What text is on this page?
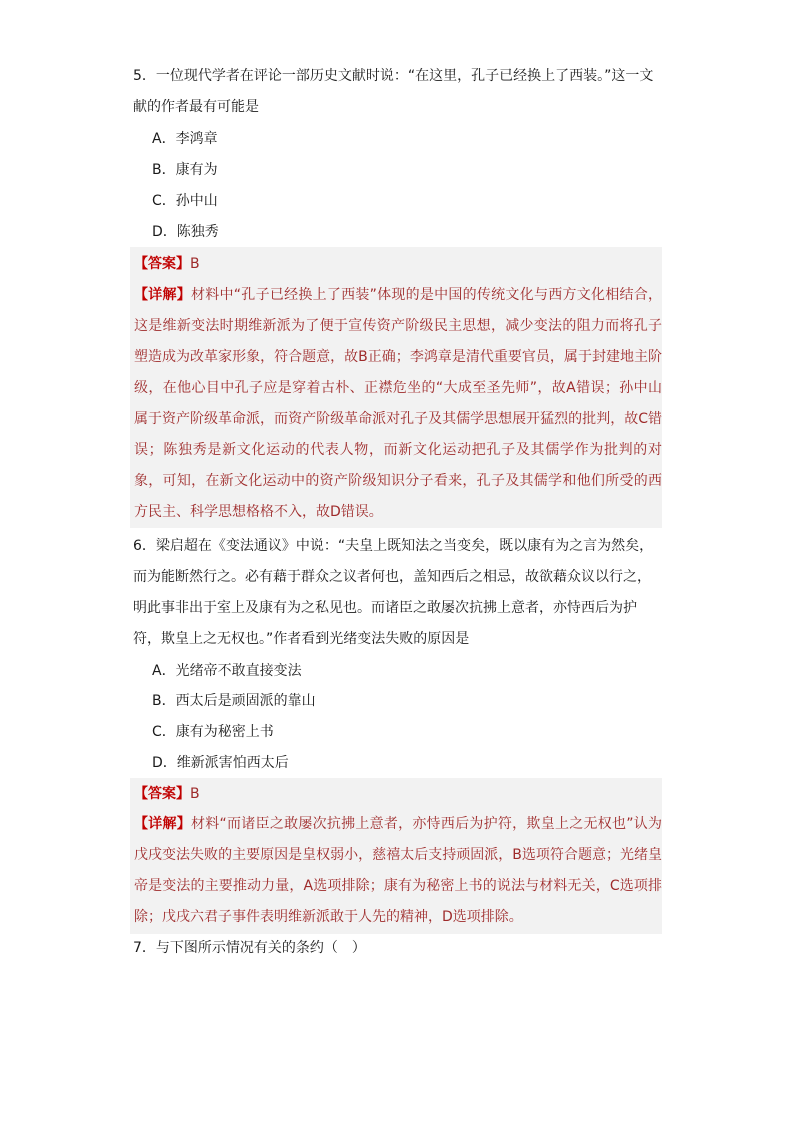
5．一位现代学者在评论一部历史文献时说：“在这里，孔子已经换上了西装。”这一文献的作者最有可能是

A．李鸿章
B．康有为
C．孙中山
D．陈独秀
【答案】B

【详解】材料中“孔子已经换上了西装”体现的是中国的传统文化与西方文化相结合，这是维新变法时期维新派为了便于宣传资产阶级民主思想，减少变法的阻力而将孔子塑造成为改革家形象，符合题意，故B正确；李鸿章是清代重要官员，属于封建地主阶级，在他心目中孔子应是穿着古朴、正襟危坐的“大成至圣先师”，故A错误；孙中山属于资产阶级革命派，而资产阶级革命派对孔子及其儒学思想展开猛烈的批判，故C错误；陈独秀是新文化运动的代表人物，而新文化运动把孔子及其儒学作为批判的对象，可知，在新文化运动中的资产阶级知识分子看来，孔子及其儒学和他们所受的西方民主、科学思想格格不入，故D错误。

6．梁启超在《变法通议》中说：“夫皇上既知法之当变矣，既以康有为之言为然矣，而为能断然行之。必有藉于群众之议者何也，盖知西后之相忌，故欲藉众议以行之，明此事非出于室上及康有为之私见也。而诸臣之敢屡次抗拂上意者，亦恃西后为护符，欺皇上之无权也。”作者看到光绪变法失败的原因是

A．光绪帝不敢直接变法
B．西太后是顽固派的靠山
C．康有为秘密上书
D．维新派害怕西太后
【答案】B

【详解】材料“而诸臣之敢屡次抗拂上意者，亦恃西后为护符，欺皇上之无权也”认为戊戌变法失败的主要原因是皇权弱小，慈禧太后支持顽固派，B选项符合题意；光绪皇帝是变法的主要推动力量，A选项排除；康有为秘密上书的说法与材料无关，C选项排除；戊戌六君子事件表明维新派敢于人先的精神，D选项排除。

7．与下图所示情况有关的条约（　）
